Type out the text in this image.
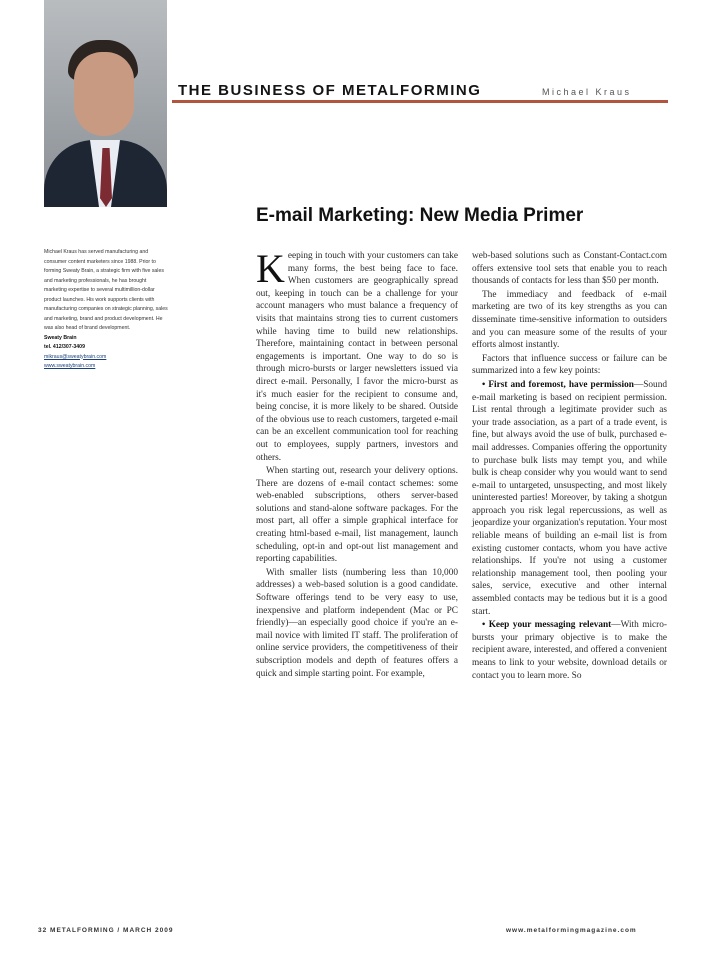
THE BUSINESS OF METALFORMING	Michael Kraus
E-mail Marketing: New Media Primer
Michael Kraus has served manufacturing and consumer content marketers since 1988. Prior to forming Sweaty Brain, a strategic firm with five sales and marketing professionals, he has brought marketing expertise to several multimillion-dollar product launches. His work supports clients with manufacturing companies on strategic planning, sales and marketing, brand and product development. He was also head of brand development.
Sweaty Brain
tel. 412/307-3409
mikraus@sweatybrain.com
www.sweatybrain.com

Keeping in touch with your customers can take many forms, the best being face to face. When customers are geographically spread out, keeping in touch can be a challenge for your account managers who must balance a frequency of visits that maintains strong ties to current customers while having time to build new relationships. Therefore, maintaining contact in between personal engagements is important. One way to do so is through micro-bursts or larger newsletters issued via direct e-mail. Personally, I favor the micro-burst as it's much easier for the recipient to consume and, being concise, it is more likely to be shared. Outside of the obvious use to reach customers, targeted e-mail can be an excellent communication tool for reaching out to employees, supply partners, investors and others.

When starting out, research your delivery options. There are dozens of e-mail contact schemes: some web-enabled subscriptions, others server-based solutions and stand-alone software packages. For the most part, all offer a simple graphical interface for creating html-based e-mail, list management, launch scheduling, opt-in and opt-out list management and reporting capabilities.

With smaller lists (numbering less than 10,000 addresses) a web-based solution is a good candidate. Software offerings tend to be very easy to use, inexpensive and platform independent (Mac or PC friendly)—an especially good choice if you're an e-mail novice with limited IT staff. The proliferation of online service providers, the competitiveness of their subscription models and depth of features offers a quick and simple starting point. For example,

web-based solutions such as Constant-Contact.com offers extensive tool sets that enable you to reach thousands of contacts for less than $50 per month.

The immediacy and feedback of e-mail marketing are two of its key strengths as you can disseminate time-sensitive information to outsiders and you can measure some of the results of your efforts almost instantly.

Factors that influence success or failure can be summarized into a few key points:

• First and foremost, have permission—Sound e-mail marketing is based on recipient permission. List rental through a legitimate provider such as your trade association, as a part of a trade event, is fine, but always avoid the use of bulk, purchased e-mail addresses. Companies offering the opportunity to purchase bulk lists may tempt you, and while bulk is cheap consider why you would want to send e-mail to untargeted, unsuspecting, and most likely uninterested parties! Moreover, by taking a shotgun approach you risk legal repercussions, as well as jeopardize your organization's reputation. Your most reliable means of building an e-mail list is from existing customer contacts, whom you have active relationships. If you're not using a customer relationship management tool, then pooling your sales, service, executive and other internal assembled contacts may be tedious but it is a good start.

• Keep your messaging relevant—With micro-bursts your primary objective is to make the recipient aware, interested, and offered a convenient means to link to your website, download details or contact you to learn more. So

32 METALFORMING / MARCH 2009	www.metalformingmagazine.com
